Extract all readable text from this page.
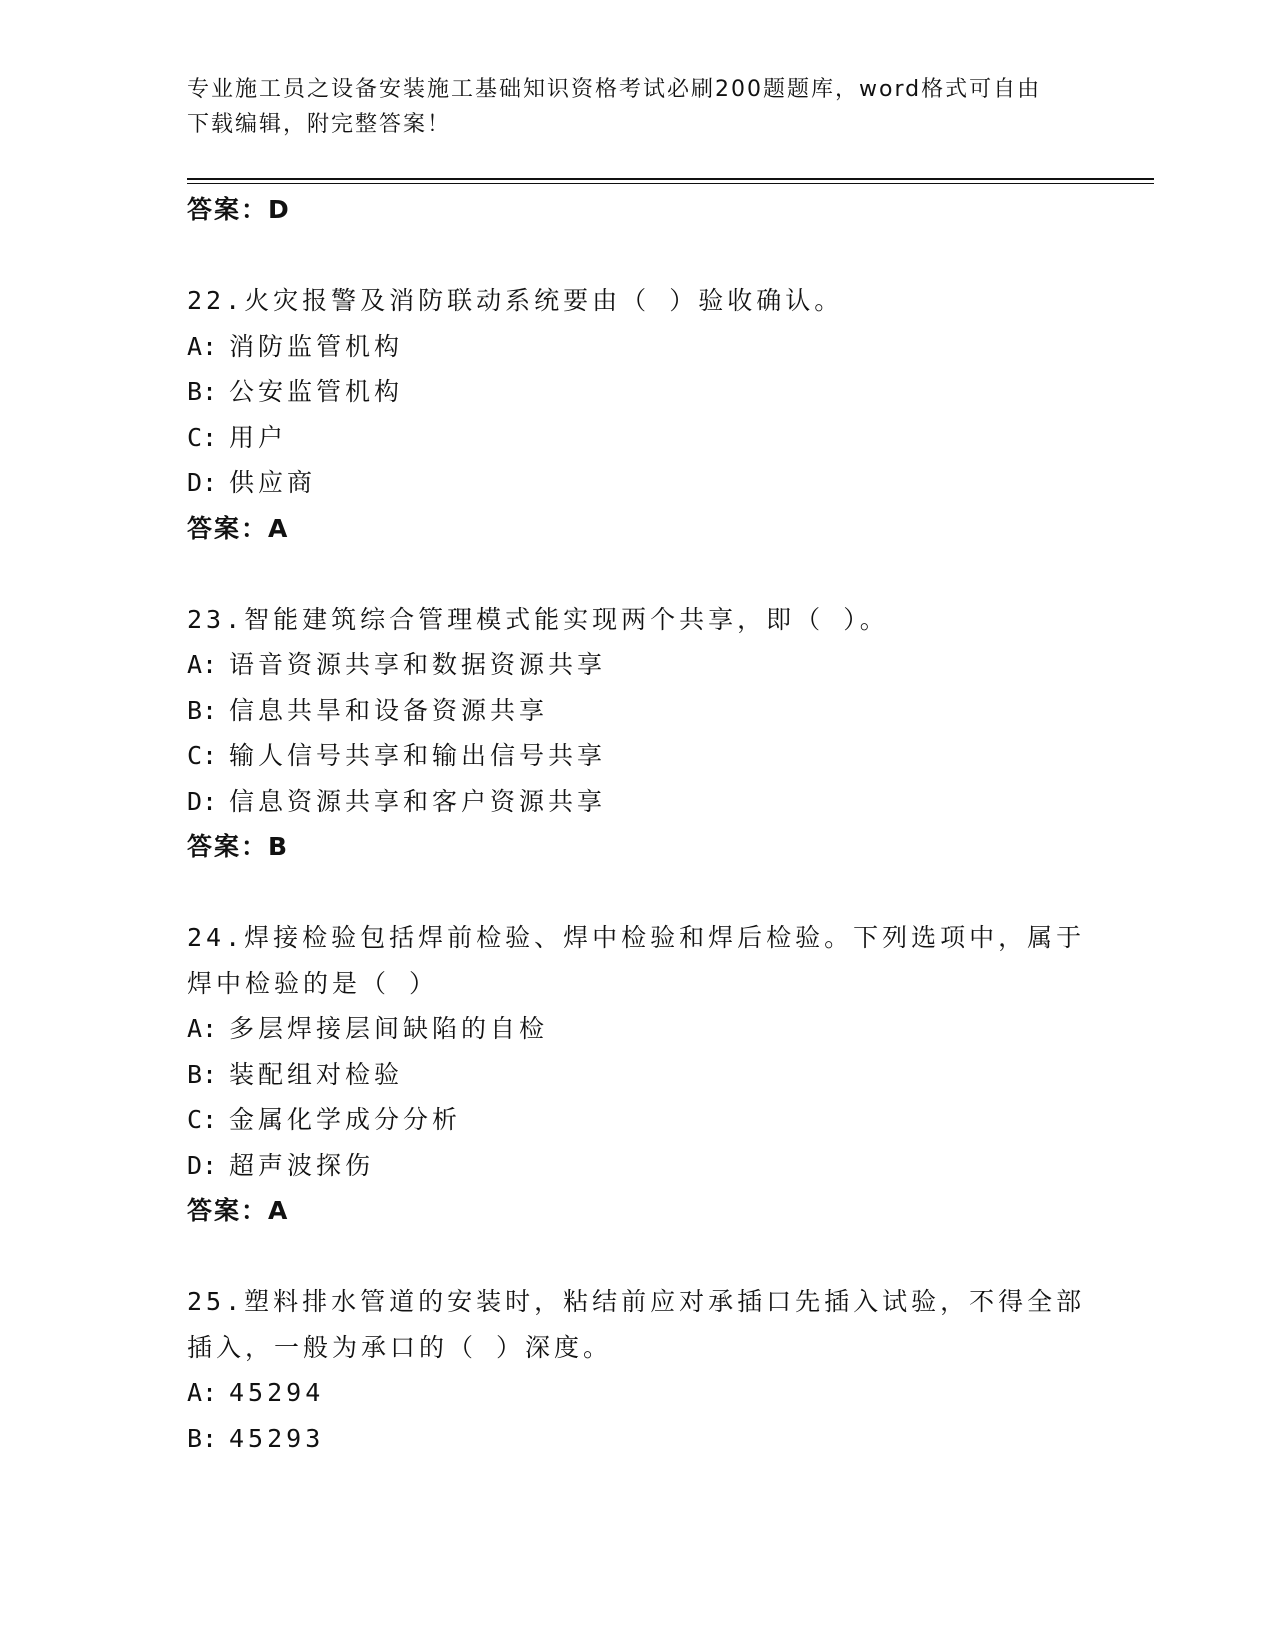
专业施工员之设备安装施工基础知识资格考试必刷200题题库，word格式可自由
下载编辑，附完整答案！
答案：D
22.火灾报警及消防联动系统要由（ ）验收确认。
A: 消防监管机构
B: 公安监管机构
C: 用户
D: 供应商
答案：A
23.智能建筑综合管理模式能实现两个共享，即（ ）。
A: 语音资源共享和数据资源共享
B: 信息共旱和设备资源共享
C: 输人信号共享和输出信号共享
D: 信息资源共享和客户资源共享
答案：B
24.焊接检验包括焊前检验、焊中检验和焊后检验。下列选项中，属于
焊中检验的是（ ）
A: 多层焊接层间缺陷的自检
B: 装配组对检验
C: 金属化学成分分析
D: 超声波探伤
答案：A
25.塑料排水管道的安装时，粘结前应对承插口先插入试验，不得全部
插入，一般为承口的（ ）深度。
A: 45294
B: 45293
